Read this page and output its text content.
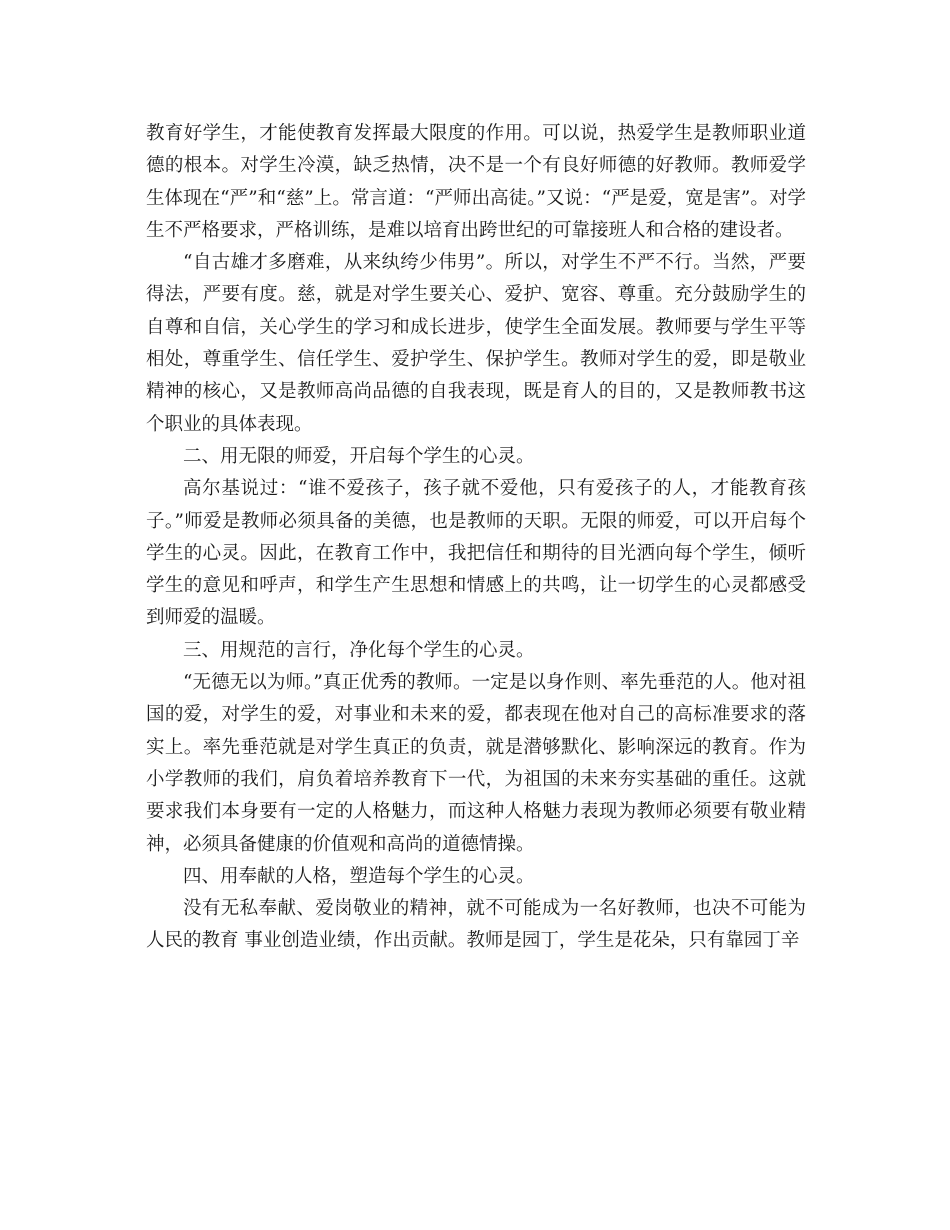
教育好学生，才能使教育发挥最大限度的作用。可以说，热爱学生是教师职业道德的根本。对学生冷漠，缺乏热情，决不是一个有良好师德的好教师。教师爱学生体现在“严”和“慈”上。常言道：“严师出高徒。”又说：“严是爱，宽是害”。对学生不严格要求，严格训练，是难以培育出跨世纪的可靠接班人和合格的建设者。

“自古雄才多磨难，从来纨绔少伟男”。所以，对学生不严不行。当然，严要得法，严要有度。慈，就是对学生要关心、爱护、宽容、尊重。充分鼓励学生的自尊和自信，关心学生的学习和成长进步，使学生全面发展。教师要与学生平等相处，尊重学生、信任学生、爱护学生、保护学生。教师对学生的爱，即是敬业精神的核心，又是教师高尚品德的自我表现，既是育人的目的，又是教师教书这个职业的具体表现。

二、用无限的师爱，开启每个学生的心灵。

高尔基说过：“谁不爱孩子，孩子就不爱他，只有爱孩子的人，才能教育孩子。”师爱是教师必须具备的美德，也是教师的天职。无限的师爱，可以开启每个学生的心灵。因此，在教育工作中，我把信任和期待的目光洒向每个学生，倾听学生的意见和呼声，和学生产生思想和情感上的共鸣，让一切学生的心灵都感受到师爱的温暖。

三、用规范的言行，净化每个学生的心灵。

“无德无以为师。”真正优秀的教师。一定是以身作则、率先垂范的人。他对祖国的爱，对学生的爱，对事业和未来的爱，都表现在他对自己的高标准要求的落实上。率先垂范就是对学生真正的负责，就是潜够默化、影响深远的教育。作为小学教师的我们，肩负着培养教育下一代，为祖国的未来夯实基础的重任。这就要求我们本身要有一定的人格魅力，而这种人格魅力表现为教师必须要有敬业精神，必须具备健康的价值观和高尚的道德情操。

四、用奉献的人格，塑造每个学生的心灵。

没有无私奉献、爱岗敬业的精神，就不可能成为一名好教师，也决不可能为人民的教育 事业创造业绩，作出贡献。教师是园丁，学生是花朵，只有靠园丁辛
